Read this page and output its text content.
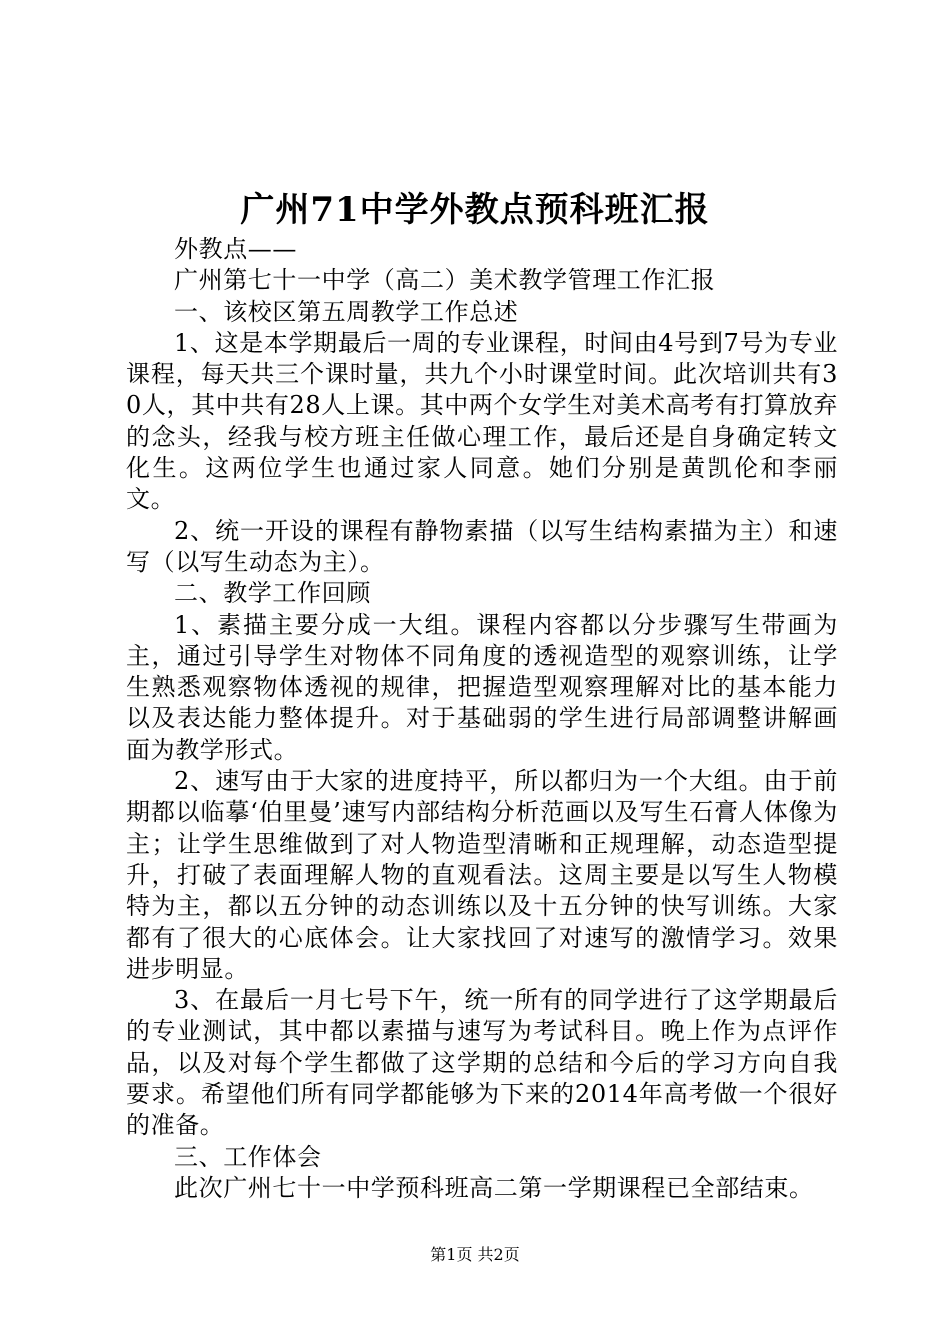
广州71中学外教点预科班汇报

外教点——

广州第七十一中学（高二）美术教学管理工作汇报

一、该校区第五周教学工作总述

1、这是本学期最后一周的专业课程，时间由4号到7号为专业课程，每天共三个课时量，共九个小时课堂时间。此次培训共有30人，其中共有28人上课。其中两个女学生对美术高考有打算放弃的念头，经我与校方班主任做心理工作，最后还是自身确定转文化生。这两位学生也通过家人同意。她们分别是黄凯伦和李丽文。

2、统一开设的课程有静物素描（以写生结构素描为主）和速写（以写生动态为主）。

二、教学工作回顾

1、素描主要分成一大组。课程内容都以分步骤写生带画为主，通过引导学生对物体不同角度的透视造型的观察训练，让学生熟悉观察物体透视的规律，把握造型观察理解对比的基本能力以及表达能力整体提升。对于基础弱的学生进行局部调整讲解画面为教学形式。

2、速写由于大家的进度持平，所以都归为一个大组。由于前期都以临摹‘伯里曼’速写内部结构分析范画以及写生石膏人体像为主；让学生思维做到了对人物造型清晰和正规理解，动态造型提升，打破了表面理解人物的直观看法。这周主要是以写生人物模特为主，都以五分钟的动态训练以及十五分钟的快写训练。大家都有了很大的心底体会。让大家找回了对速写的激情学习。效果进步明显。

3、在最后一月七号下午，统一所有的同学进行了这学期最后的专业测试，其中都以素描与速写为考试科目。晚上作为点评作品，以及对每个学生都做了这学期的总结和今后的学习方向自我要求。希望他们所有同学都能够为下来的2014年高考做一个很好的准备。

三、工作体会

此次广州七十一中学预科班高二第一学期课程已全部结束。

第1页 共2页
